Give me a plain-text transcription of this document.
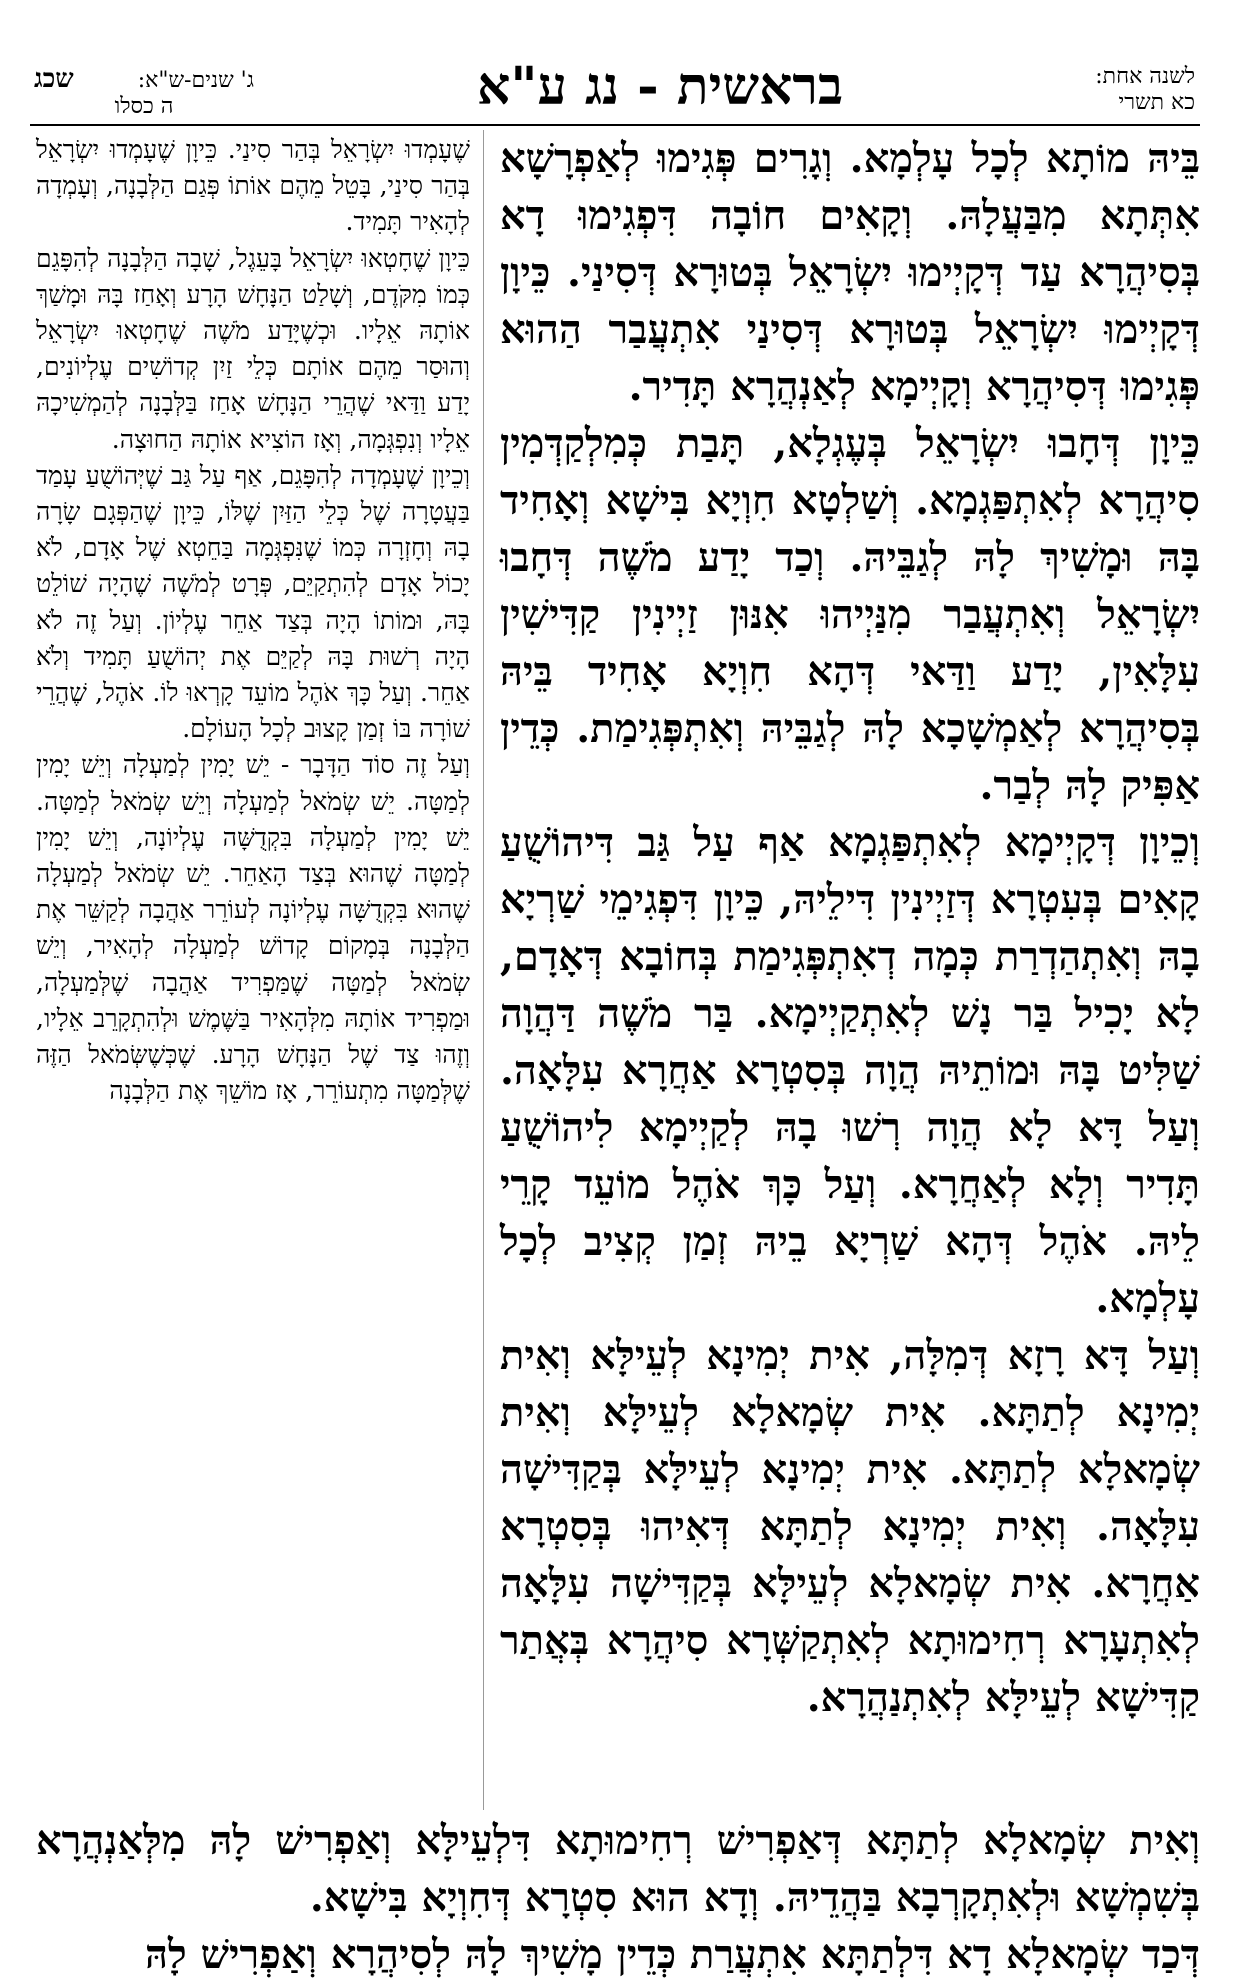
ג' שנים-ש"א:
שכג
ה כסלו	בראשית - נג ע"א	לשנה אחת:
כא תשרי

בֵּיהּ מוֹתָא לְכָל עָלְמָא. וְגָרִים פְּגִימוּ לְאַפְרָשָׁא אִתְּתָא מִבַּעֲלָהּ. וְקָאִים חוֹבָה דִּפְגִימוּ דָא בְּסִיהֲרָא עַד דְּקָיְימוּ יִשְׂרָאֵל בְּטוּרָא דְּסִינַי. כֵּיוָן דְּקָיְימוּ יִשְׂרָאֵל בְּטוּרָא דְּסִינַי אִתְעֲבַר הַהוּא פְּגִימוּ דְּסִיהֲרָא וְקָיְימָא לְאַנְהֲרָא תָּדִיר.

כֵּיוָן דְּחָבוּ יִשְׂרָאֵל בְּעֶגְלָא, תָּבַת כְּמִלְקַדְּמִין סִיהֲרָא לְאִתְפַּגְמָא. וְשַׁלְטָא חִוְיָא בִּישָׁא וְאָחִיד בָּהּ וּמָשִׁיךְ לָהּ לְגַבֵּיהּ. וְכַד יָדַע מֹשֶׁה דְּחָבוּ יִשְׂרָאֵל וְאִתְעֲבַר מִנַּיְיהוּ אִנּוּן זַיְינִין קַדִּישִׁין עִלָּאִין, יָדַע וַדַּאי דְּהָא חִוְיָא אָחִיד בֵּיהּ בְּסִיהֲרָא לְאַמְשָׁכָא לָהּ לְגַבֵּיהּ וְאִתְפְּגִימַת. כְּדֵין אַפִּיק לָהּ לְבַר.

וְכֵיוָן דְּקָיְימָא לְאִתְפַּגְמָא אַף עַל גַּב דִּיהוֹשֻׁעַ קָאִים בְּעִטְרָא דְּזַיְינִין דִּילֵיהּ, כֵּיוָן דִּפְגִימֵי שַׁרְיָא בָהּ וְאִתְהַדְרַת כְּמָה דְאִתְפְּגִימַת בְּחוֹבָא דְּאָדָם, לָא יָכִיל בַּר נָשׁ לְאִתְקַיְימָא. בַּר מֹשֶׁה דַּהֲוָה שַׁלִּיט בָּהּ וּמוֹתֵיהּ הֲוָה בְּסִטְרָא אַחֲרָא עִלָּאָה. וְעַל דָּא לָא הֲוָה רְשׁוּ בָהּ לְקַיְימָא לִיהוֹשֻׁעַ תָּדִיר וְלָא לְאַחֲרָא. וְעַל כָּךְ אֹהֶל מוֹעֵד קָרֵי לֵיהּ. אֹהֶל דְּהָא שַׁרְיָא בֵיהּ זְמַן קְצִיב לְכָל עָלְמָא.

וְעַל דָּא רָזָא דְּמִלָּה, אִית יְמִינָא לְעֵילָּא וְאִית יְמִינָא לְתַתָּא. אִית שְׂמָאלָא לְעֵילָּא וְאִית שְׂמָאלָא לְתַתָּא. אִית יְמִינָא לְעֵילָּא בְּקַדִּישָׁה עִלָּאָה. וְאִית יְמִינָא לְתַתָּא דְּאִיהוּ בְּסִטְרָא אַחֲרָא. אִית שְׂמָאלָא לְעֵילָּא בְּקַדִּישָׁה עִלָּאָה לְאִתְעָרָא רְחִימוּתָא לְאִתְקַשְּׁרָא סִיהֲרָא בְּאֲתַר קַדִּישָׁא לְעֵילָּא לְאִתְנַהֲרָא.

שֶׁעָמְדוּ יִשְׂרָאֵל בְּהַר סִינַי. כֵּיוָן שֶׁעָמְדוּ יִשְׂרָאֵל בְּהַר סִינַי, בָּטֵל מֵהֶם אוֹתוֹ פְּגַם הַלְּבָנָה, וְעָמְדָה לְהָאִיר תָּמִיד.

כֵּיוָן שֶׁחָטְאוּ יִשְׂרָאֵל בָּעֵגֶל, שָׁבָה הַלְּבָנָה לְהִפָּגֵם כְּמוֹ מִקֹּדֶם, וְשָׁלַט הַנָּחָשׁ הָרָע וְאָחַז בָּהּ וּמָשַׁךְ אוֹתָהּ אֵלָיו. וּכְשֶׁיָּדַע מֹשֶׁה שֶׁחָטְאוּ יִשְׂרָאֵל וְהוּסַר מֵהֶם אוֹתָם כְּלֵי זַיִן קְדוֹשִׁים עֶלְיוֹנִים, יָדַע וַדַּאי שֶׁהֲרֵי הַנָּחָשׁ אָחַז בַּלְּבָנָה לְהַמְשִׁיכָהּ אֵלָיו וְנִפְגְּמָה, וְאָז הוֹצִיא אוֹתָהּ הַחוּצָה.

וְכֵיוָן שֶׁעָמְדָה לְהִפָּגֵם, אַף עַל גַּב שֶׁיְּהוֹשֻׁעַ עָמַד בַּעֲטָרָה שֶׁל כְּלֵי הַזַּיִן שֶׁלּוֹ, כֵּיוָן שֶׁהַפְּגָם שָׂרָה בָהּ וְחָזְרָה כְּמוֹ שֶׁנִּפְגְּמָה בַּחֵטְא שֶׁל אָדָם, לֹא יָכוֹל אָדָם לְהִתְקַיֵּם, פְּרָט לְמֹשֶׁה שֶׁהָיָה שׁוֹלֵט בָּהּ, וּמוֹתוֹ הָיָה בְּצַד אַחֵר עֶלְיוֹן. וְעַל זֶה לֹא הָיָה רְשׁוּת בָּהּ לְקַיֵּם אֶת יְהוֹשֻׁעַ תָּמִיד וְלֹא אַחֵר. וְעַל כָּךְ אֹהֶל מוֹעֵד קָרְאוּ לוֹ. אֹהֶל, שֶׁהֲרֵי שׁוֹרָה בּוֹ זְמַן קָצוּב לְכָל הָעוֹלָם.

וְעַל זֶה סוֹד הַדָּבָר - יֵשׁ יָמִין לְמַעְלָה וְיֵשׁ יָמִין לְמַטָּה. יֵשׁ שְׂמֹאל לְמַעְלָה וְיֵשׁ שְׂמֹאל לְמַטָּה. יֵשׁ יָמִין לְמַעְלָה בִּקְדֻשָּׁה עֶלְיוֹנָה, וְיֵשׁ יָמִין לְמַטָּה שֶׁהוּא בְּצַד הָאַחֵר. יֵשׁ שְׂמֹאל לְמַעְלָה שֶׁהוּא בִּקְדֻשָּׁה עֶלְיוֹנָה לְעוֹרֵר אַהֲבָה לְקַשֵּׁר אֶת הַלְּבָנָה בְּמָקוֹם קָדוֹשׁ לְמַעְלָה לְהָאִיר, וְיֵשׁ שְׂמֹאל לְמַטָּה שֶׁמַּפְרִיד אַהֲבָה שֶׁלְּמַעְלָה, וּמַפְרִיד אוֹתָהּ מִלְּהָאִיר בַּשֶּׁמֶשׁ וּלְהִתְקָרֵב אֵלָיו, וְזֶהוּ צַד שֶׁל הַנָּחָשׁ הָרָע. שֶׁכְּשֶׁשְּׂמֹאל הַזֶּה שֶׁלְּמַטָּה מִתְעוֹרֵר, אָז מוֹשֵׁךְ אֶת הַלְּבָנָה

וְאִית שְׂמָאלָא לְתַתָּא דְּאַפְרִישׁ רְחִימוּתָא דִּלְעֵילָּא וְאַפְרִישׁ לָהּ מִלְּאַנְהֲרָא בְּשִׁמְשָׁא וּלְאִתְקָרְבָא בַּהֲדֵיהּ. וְדָא הוּא סִטְרָא דְּחִוְיָא בִּישָׁא.

דְּכַד שְׂמָאלָא דָא דִּלְתַתָּא אִתְעֲרַת כְּדֵין מָשִׁיךְ לָהּ לְסִיהֲרָא וְאַפְרִישׁ לָהּ
